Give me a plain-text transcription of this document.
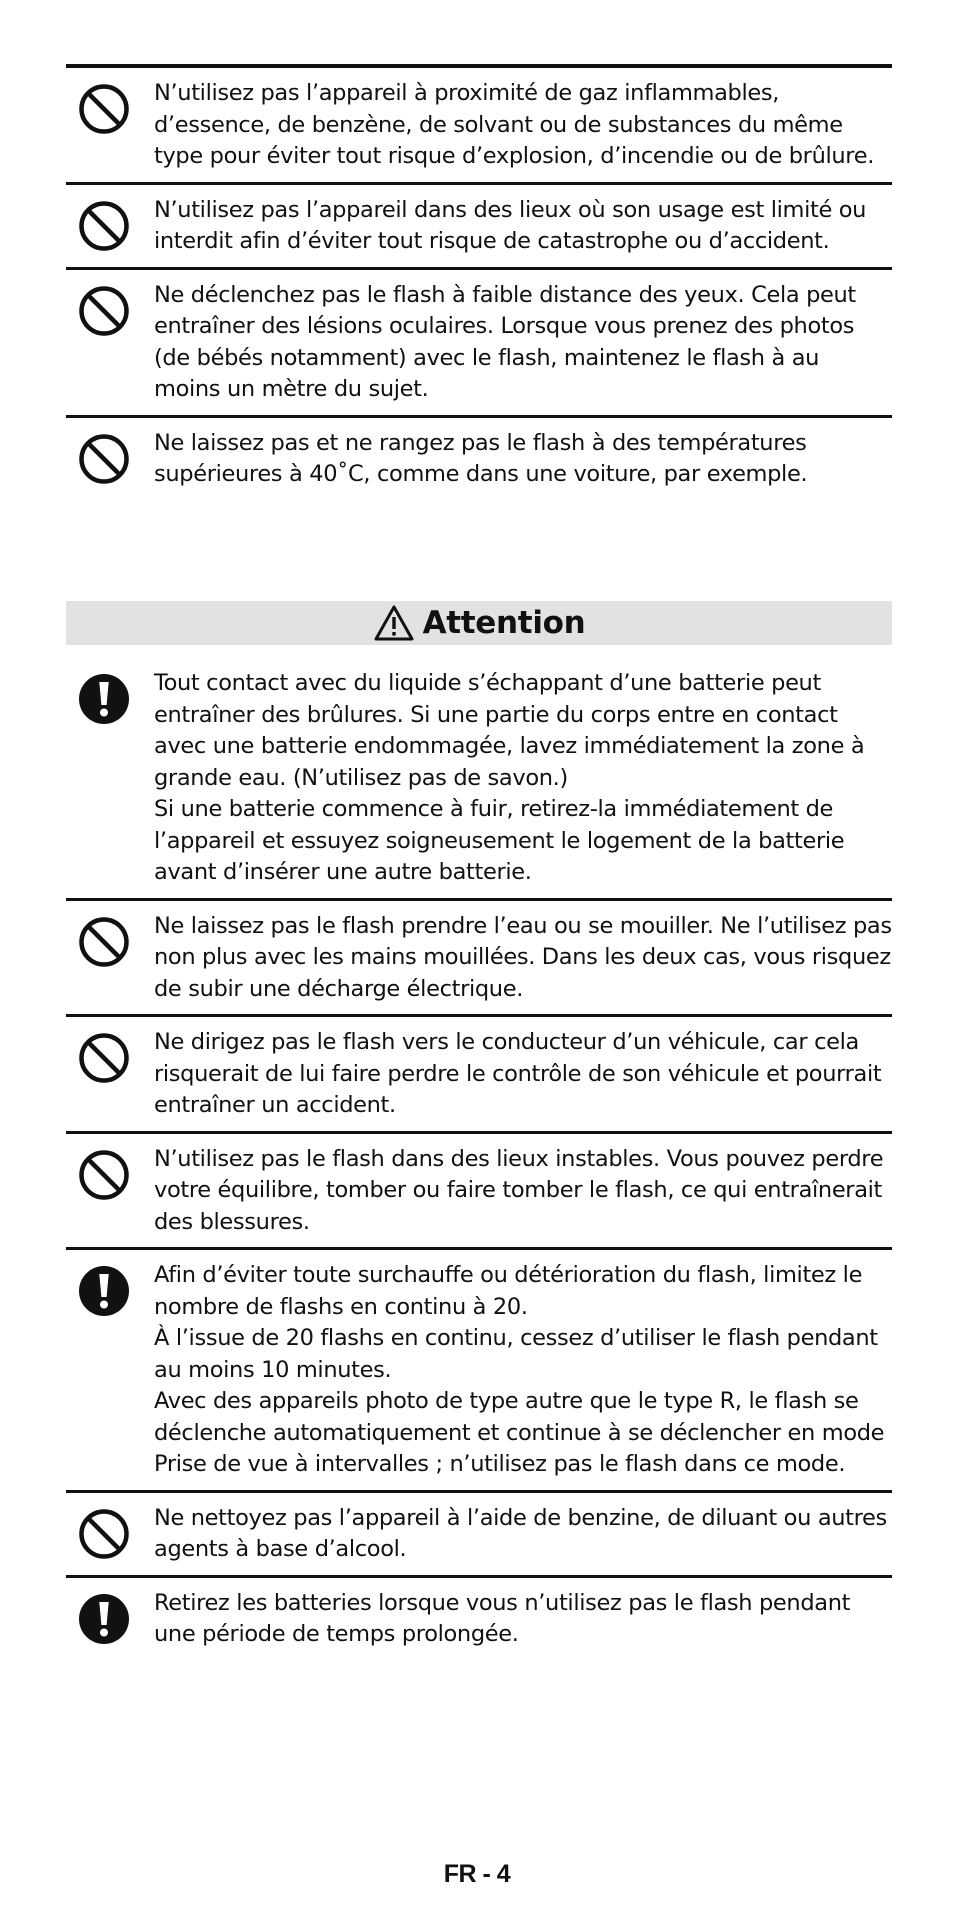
N’utilisez pas l’appareil à proximité de gaz inflammables, d’essence, de benzène, de solvant ou de substances du même type pour éviter tout risque d’explosion, d’incendie ou de brûlure.

N’utilisez pas l’appareil dans des lieux où son usage est limité ou interdit afin d’éviter tout risque de catastrophe ou d’accident.

Ne déclenchez pas le flash à faible distance des yeux. Cela peut entraîner des lésions oculaires. Lorsque vous prenez des photos (de bébés notamment) avec le flash, maintenez le flash à au moins un mètre du sujet.

Ne laissez pas et ne rangez pas le flash à des températures supérieures à 40˚C, comme dans une voiture, par exemple.

Attention

Tout contact avec du liquide s’échappant d’une batterie peut entraîner des brûlures. Si une partie du corps entre en contact avec une batterie endommagée, lavez immédiatement la zone à grande eau. (N’utilisez pas de savon.)

Si une batterie commence à fuir, retirez-la immédiatement de l’appareil et essuyez soigneusement le logement de la batterie avant d’insérer une autre batterie.

Ne laissez pas le flash prendre l’eau ou se mouiller. Ne l’utilisez pas non plus avec les mains mouillées. Dans les deux cas, vous risquez de subir une décharge électrique.

Ne dirigez pas le flash vers le conducteur d’un véhicule, car cela risquerait de lui faire perdre le contrôle de son véhicule et pourrait entraîner un accident.

N’utilisez pas le flash dans des lieux instables. Vous pouvez perdre votre équilibre, tomber ou faire tomber le flash, ce qui entraînerait des blessures.

Afin d’éviter toute surchauffe ou détérioration du flash, limitez le nombre de flashs en continu à 20.

À l’issue de 20 flashs en continu, cessez d’utiliser le flash pendant au moins 10 minutes.

Avec des appareils photo de type autre que le type R, le flash se déclenche automatiquement et continue à se déclencher en mode Prise de vue à intervalles ; n’utilisez pas le flash dans ce mode.

Ne nettoyez pas l’appareil à l’aide de benzine, de diluant ou autres agents à base d’alcool.

Retirez les batteries lorsque vous n’utilisez pas le flash pendant une période de temps prolongée.

FR - 4
